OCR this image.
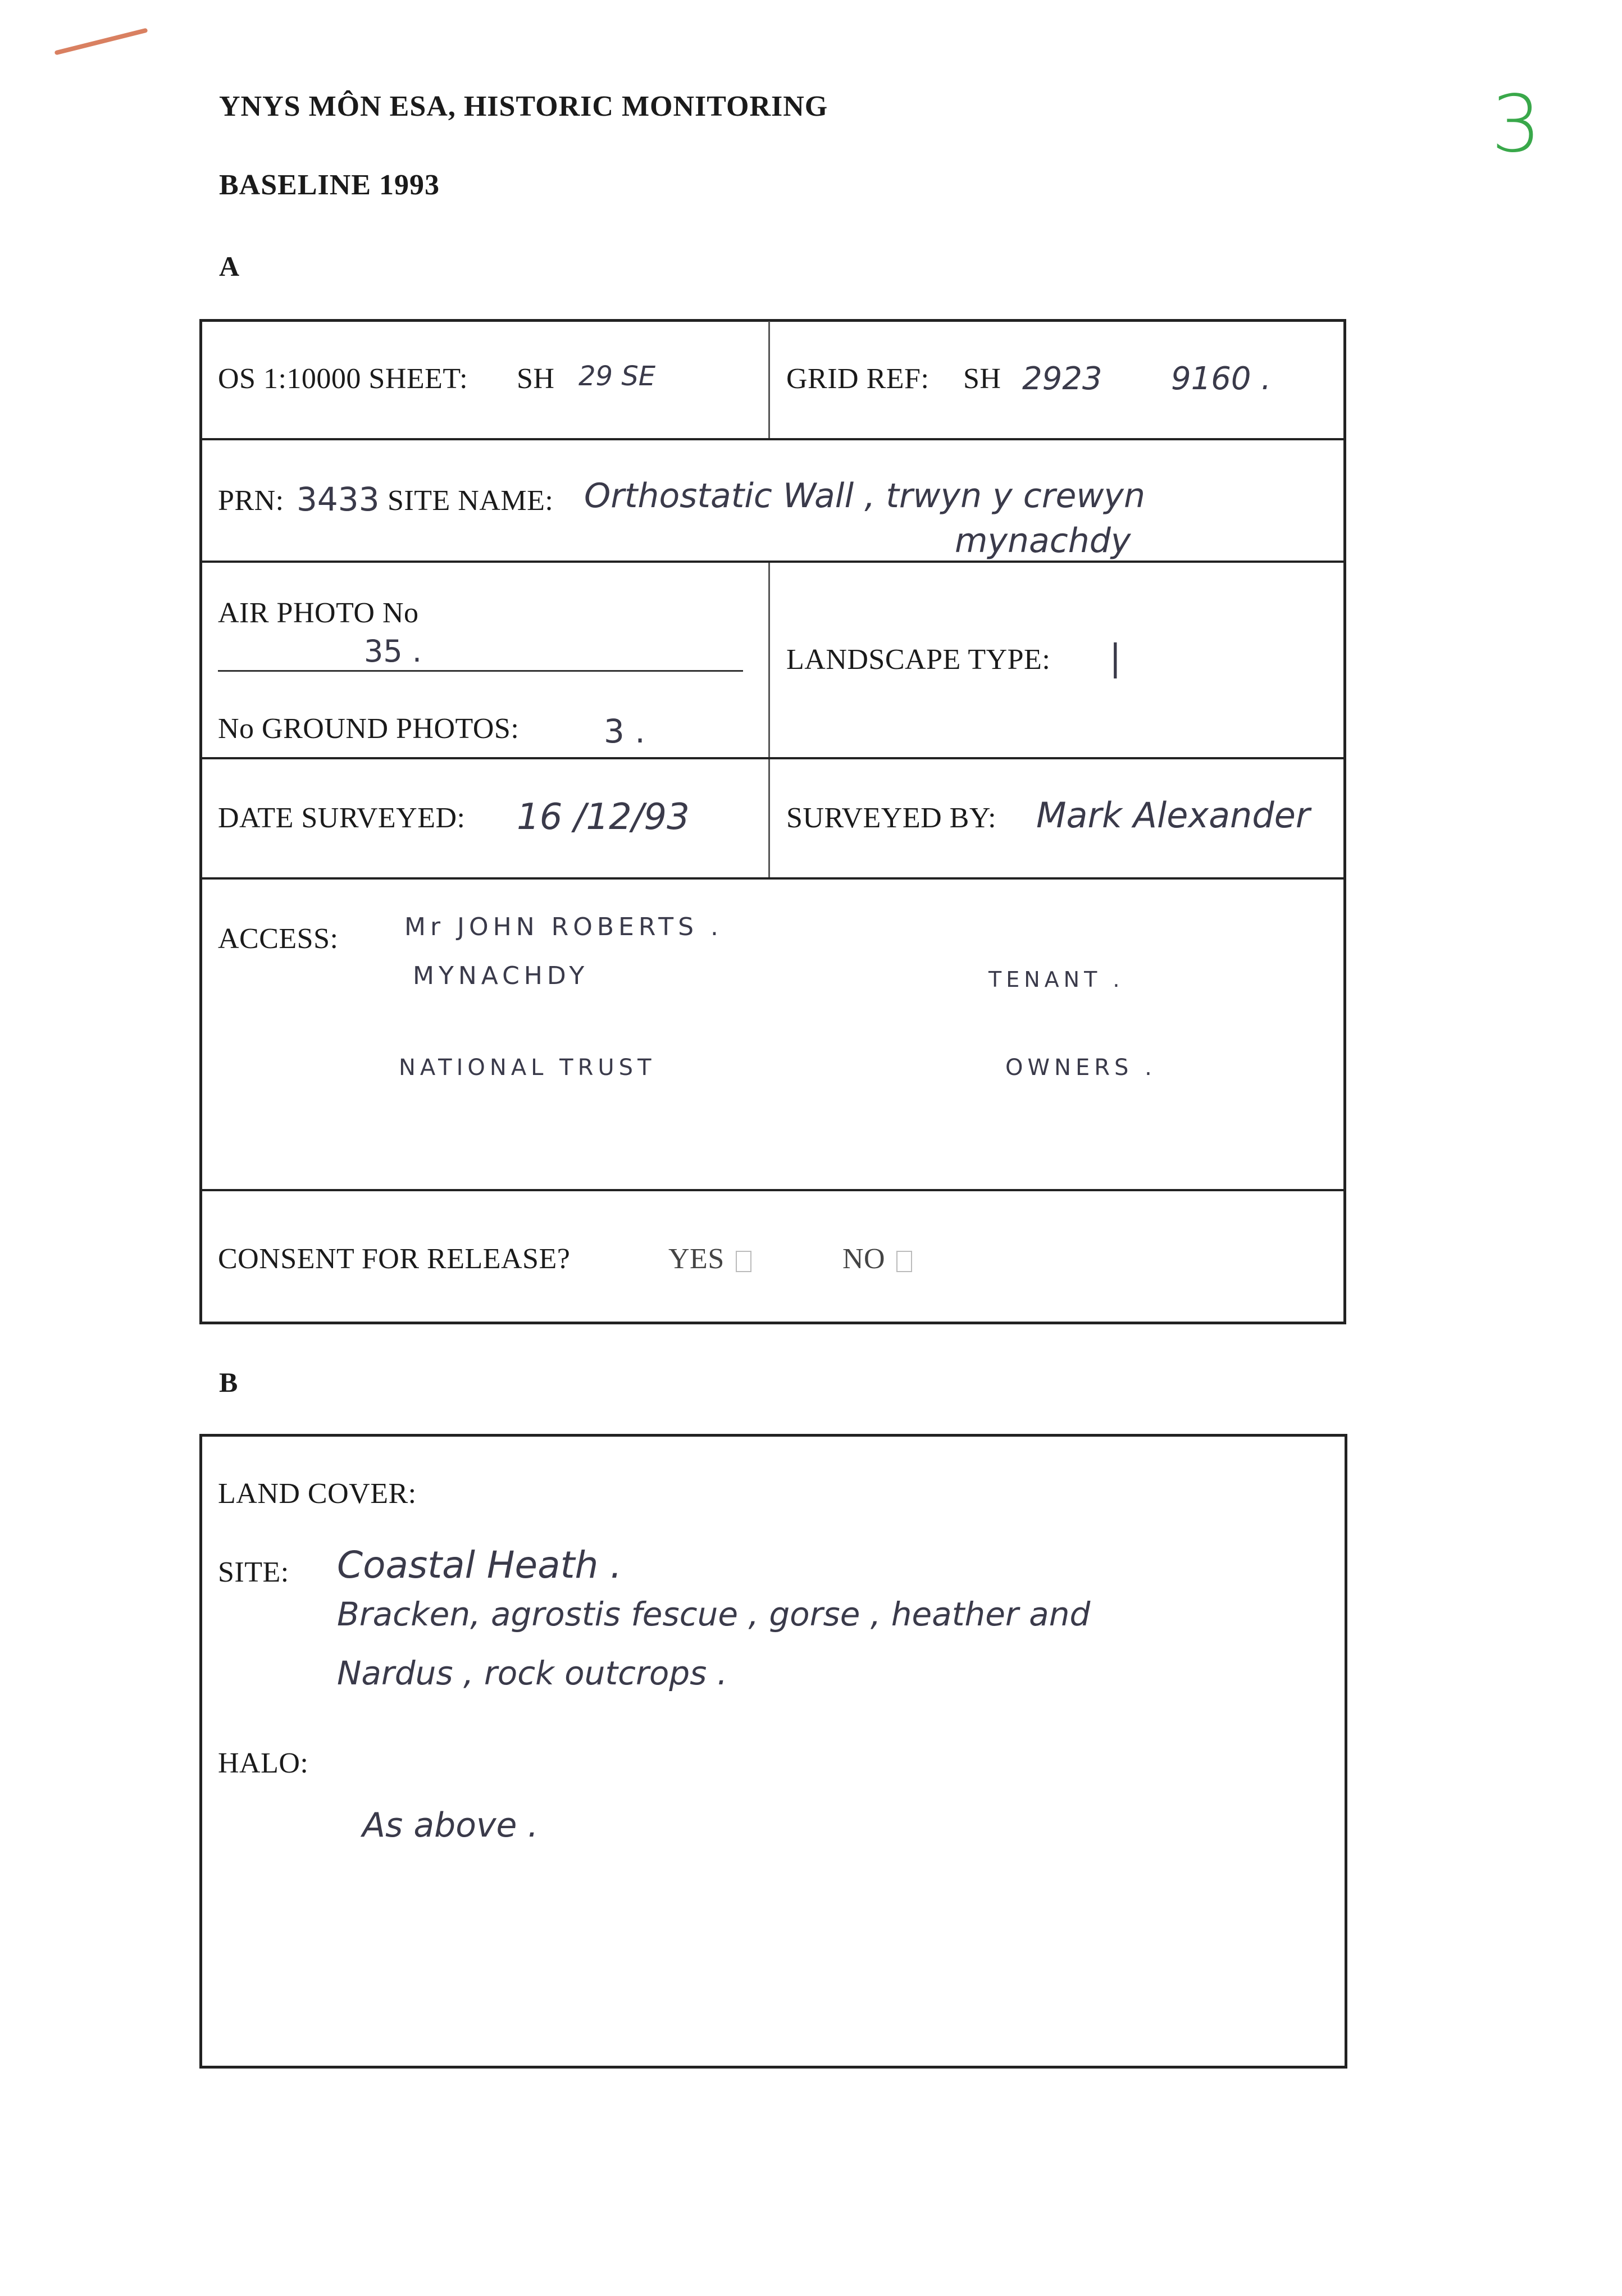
3
YNYS MÔN ESA, HISTORIC MONITORING
BASELINE 1993
A
OS 1:10000 SHEET: SH 29 SE	GRID REF: SH 2923 9160 .
PRN: 3433 SITE NAME: Orthostatic Wall , trwyn y crewyn
mynachdy
AIR PHOTO No
35 .
No GROUND PHOTOS:	3 .
LANDSCAPE TYPE: |
DATE SURVEYED: 16 /12/93	SURVEYED BY: Mark Alexander
ACCESS:	Mr JOHN ROBERTS .
MYNACHDY	TENANT .
NATIONAL TRUST	OWNERS .
CONSENT FOR RELEASE?	YES	NO
B
LAND COVER:
SITE: Coastal Heath .
Bracken, agrostis fescue , gorse , heather and
Nardus , rock outcrops .
HALO:
As above .
